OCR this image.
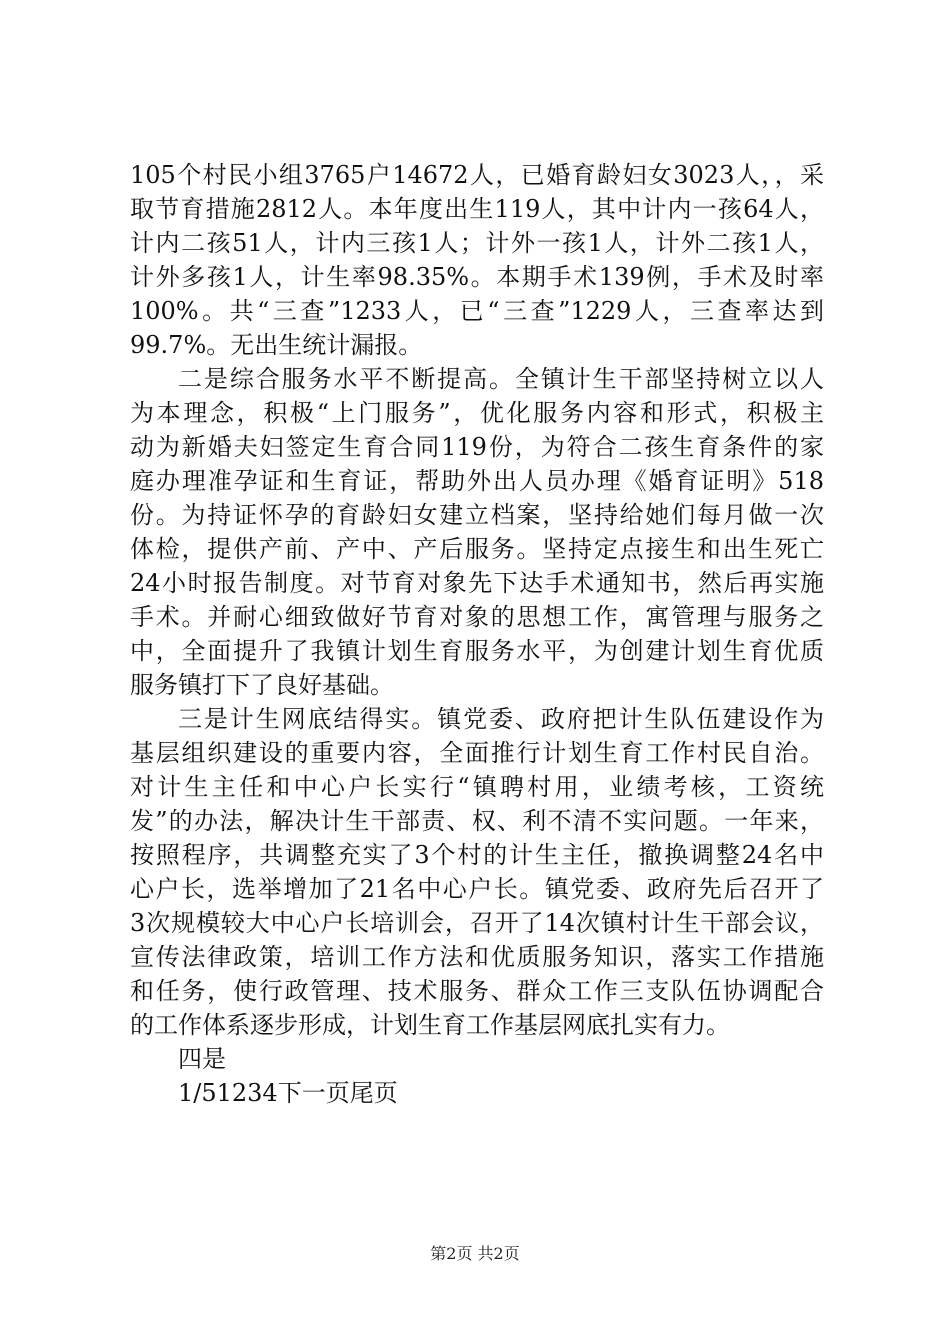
105个村民小组3765户14672人，已婚育龄妇女3023人，，采
取节育措施2812人。本年度出生119人，其中计内一孩64人，
计内二孩51人，计内三孩1人；计外一孩1人，计外二孩1人，
计外多孩1人，计生率98.35%。本期手术139例，手术及时率
100%。共“三查”1233人，已“三查”1229人，三查率达到
99.7%。无出生统计漏报。
二是综合服务水平不断提高。全镇计生干部坚持树立以人
为本理念，积极“上门服务”，优化服务内容和形式，积极主
动为新婚夫妇签定生育合同119份，为符合二孩生育条件的家
庭办理准孕证和生育证，帮助外出人员办理《婚育证明》518
份。为持证怀孕的育龄妇女建立档案，坚持给她们每月做一次
体检，提供产前、产中、产后服务。坚持定点接生和出生死亡
24小时报告制度。对节育对象先下达手术通知书，然后再实施
手术。并耐心细致做好节育对象的思想工作，寓管理与服务之
中，全面提升了我镇计划生育服务水平，为创建计划生育优质
服务镇打下了良好基础。
三是计生网底结得实。镇党委、政府把计生队伍建设作为
基层组织建设的重要内容，全面推行计划生育工作村民自治。
对计生主任和中心户长实行“镇聘村用，业绩考核，工资统
发”的办法，解决计生干部责、权、利不清不实问题。一年来，
按照程序，共调整充实了3个村的计生主任，撤换调整24名中
心户长，选举增加了21名中心户长。镇党委、政府先后召开了
3次规模较大中心户长培训会，召开了14次镇村计生干部会议，
宣传法律政策，培训工作方法和优质服务知识，落实工作措施
和任务，使行政管理、技术服务、群众工作三支队伍协调配合
的工作体系逐步形成，计划生育工作基层网底扎实有力。
四是
1/51234下一页尾页
第2页 共2页
